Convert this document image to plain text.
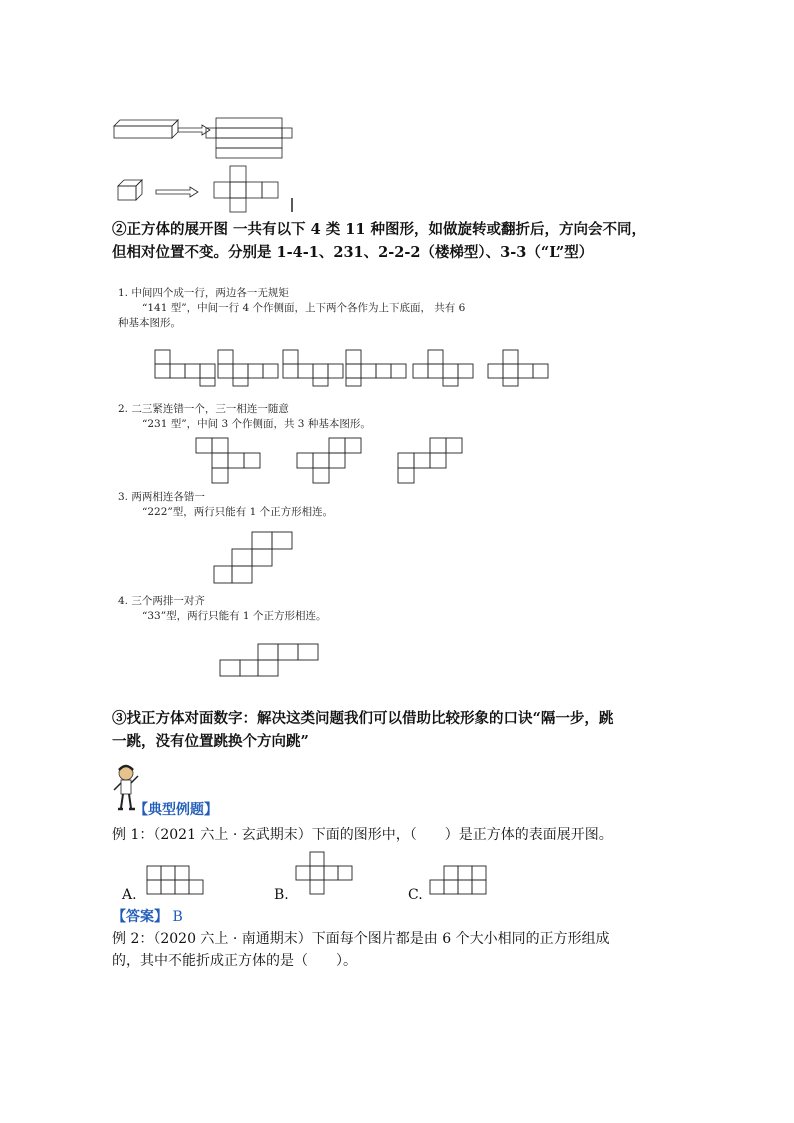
②正方体的展开图 一共有以下 4 类 11 种图形，如做旋转或翻折后，方向会不同，
但相对位置不变。分别是 1-4-1、231、2-2-2（楼梯型）、3-3（“L”型）
1. 中间四个成一行，两边各一无规矩
“141 型”，中间一行 4 个作侧面，上下两个各作为上下底面， 共有 6
种基本图形。
2. 二三紧连错一个，三一相连一随意
“231 型”，中间 3 个作侧面，共 3 种基本图形。
3. 两两相连各错一
“222”型，两行只能有 1 个正方形相连。
4. 三个两排一对齐
“33”型，两行只能有 1 个正方形相连。
③找正方体对面数字：解决这类问题我们可以借助比较形象的口诀“隔一步，跳
一跳，没有位置跳换个方向跳”
【典型例题】
例 1：（2021 六上 · 玄武期末）下面的图形中，（　　）是正方体的表面展开图。
A.	B.	C.
【答案】 B
例 2：（2020 六上 · 南通期末）下面每个图片都是由 6 个大小相同的正方形组成
的，其中不能折成正方体的是（　　）。
